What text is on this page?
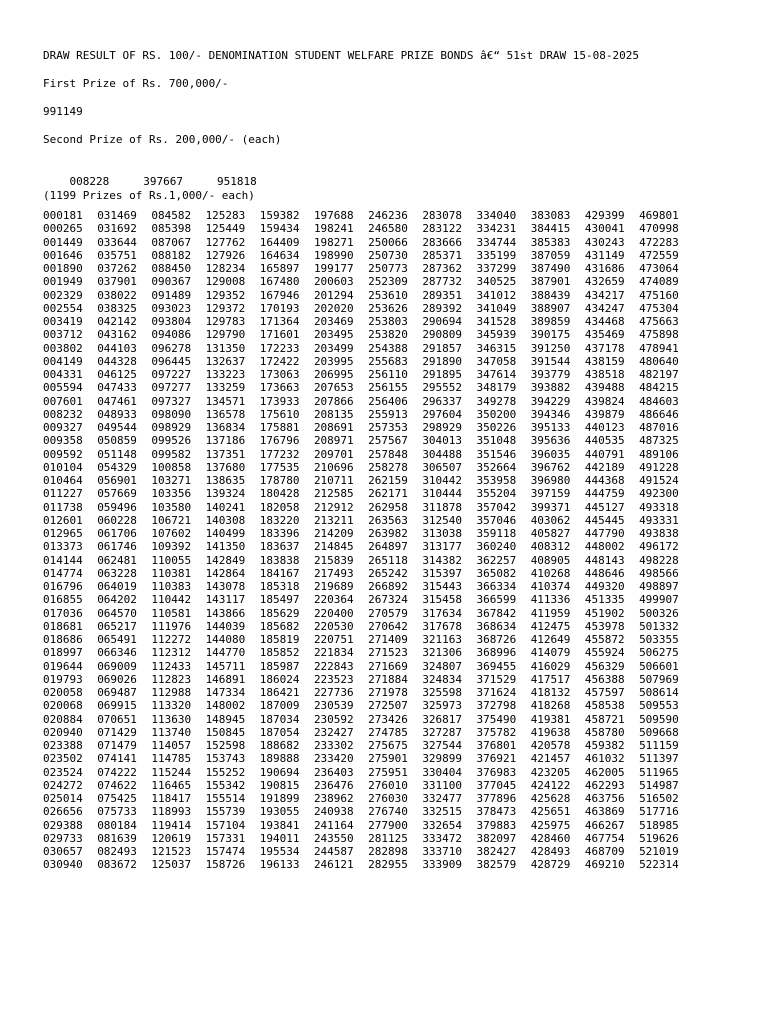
DRAW RESULT OF RS. 100/- DENOMINATION STUDENT WELFARE PRIZE BONDS â€“ 51st DRAW 15-08-2025
First Prize of Rs. 700,000/-
991149
Second Prize of Rs. 200,000/- (each)

008228	397667	951818

(1199 Prizes of Rs.1,000/- each)
000181	031469	084582	125283	159382	197688	246236	283078	334040	383083	429399	469801
000265	031692	085398	125449	159434	198241	246580	283122	334231	384415	430041	470998
001449	033644	087067	127762	164409	198271	250066	283666	334744	385383	430243	472283
001646	035751	088182	127926	164634	198990	250730	285371	335199	387059	431149	472559
001890	037262	088450	128234	165897	199177	250773	287362	337299	387490	431686	473064
001949	037901	090367	129008	167480	200603	252309	287732	340525	387901	432659	474089
002329	038022	091489	129352	167946	201294	253610	289351	341012	388439	434217	475160
002554	038325	093023	129372	170193	202020	253626	289392	341049	388907	434247	475304
003419	042142	093804	129783	171364	203469	253803	290694	341528	389859	434468	475663
003712	043162	094086	129790	171601	203495	253820	290809	345939	390175	435469	475898
003802	044103	096278	131350	172233	203499	254388	291857	346315	391250	437178	478941
004149	044328	096445	132637	172422	203995	255683	291890	347058	391544	438159	480640
004331	046125	097227	133223	173063	206995	256110	291895	347614	393779	438518	482197
005594	047433	097277	133259	173663	207653	256155	295552	348179	393882	439488	484215
007601	047461	097327	134571	173933	207866	256406	296337	349278	394229	439824	484603
008232	048933	098090	136578	175610	208135	255913	297604	350200	394346	439879	486646
009327	049544	098929	136834	175881	208691	257353	298929	350226	395133	440123	487016
009358	050859	099526	137186	176796	208971	257567	304013	351048	395636	440535	487325
009592	051148	099582	137351	177232	209701	257848	304488	351546	396035	440791	489106
010104	054329	100858	137680	177535	210696	258278	306507	352664	396762	442189	491228
010464	056901	103271	138635	178780	210711	262159	310442	353958	396980	444368	491524
011227	057669	103356	139324	180428	212585	262171	310444	355204	397159	444759	492300
011738	059496	103580	140241	182058	212912	262958	311878	357042	399371	445127	493318
012601	060228	106721	140308	183220	213211	263563	312540	357046	403062	445445	493331
012965	061706	107602	140499	183396	214209	263982	313038	359118	405827	447790	493838
013373	061746	109392	141350	183637	214845	264897	313177	360240	408312	448002	496172
014144	062481	110055	142849	183838	215839	265118	314382	362257	408905	448143	498228
014774	063228	110381	142864	184167	217493	265242	315397	365082	410268	448646	498566
016796	064019	110383	143078	185318	219689	266892	315443	366334	410374	449320	498897
016855	064202	110442	143117	185497	220364	267324	315458	366599	411336	451335	499907
017036	064570	110581	143866	185629	220400	270579	317634	367842	411959	451902	500326
018681	065217	111976	144039	185682	220530	270642	317678	368634	412475	453978	501332
018686	065491	112272	144080	185819	220751	271409	321163	368726	412649	455872	503355
018997	066346	112312	144770	185852	221834	271523	321306	368996	414079	455924	506275
019644	069009	112433	145711	185987	222843	271669	324807	369455	416029	456329	506601
019793	069026	112823	146891	186024	223523	271884	324834	371529	417517	456388	507969
020058	069487	112988	147334	186421	227736	271978	325598	371624	418132	457597	508614
020068	069915	113320	148002	187009	230539	272507	325973	372798	418268	458538	509553
020884	070651	113630	148945	187034	230592	273426	326817	375490	419381	458721	509590
020940	071429	113740	150845	187054	232427	274785	327287	375782	419638	458780	509668
023388	071479	114057	152598	188682	233302	275675	327544	376801	420578	459382	511159
023502	074141	114785	153743	189888	233420	275901	329899	376921	421457	461032	511397
023524	074222	115244	155252	190694	236403	275951	330404	376983	423205	462005	511965
024272	074622	116465	155342	190815	236476	276010	331100	377045	424122	462293	514987
025014	075425	118417	155514	191899	238962	276030	332477	377896	425628	463756	516502
026656	075733	118993	155739	193055	240938	276740	332515	378473	425651	463869	517716
029388	080184	119414	157104	193841	241164	277900	332654	379883	425975	466267	518985
029733	081639	120619	157331	194011	243550	281125	333472	382097	428460	467754	519626
030657	082493	121523	157474	195534	244587	282898	333710	382427	428493	468709	521019
030940	083672	125037	158726	196133	246121	282955	333909	382579	428729	469210	522314
